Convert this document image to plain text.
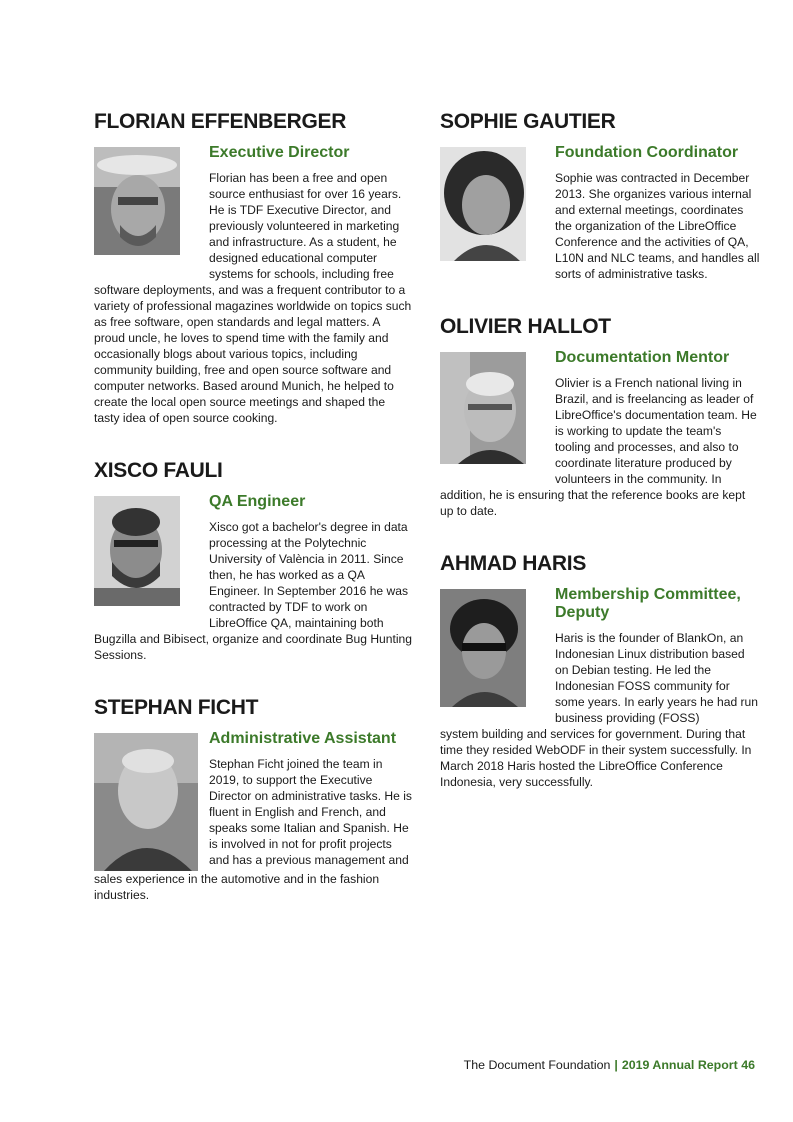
FLORIAN EFFENBERGER
Executive Director

Florian has been a free and open source enthusiast for over 16 years. He is TDF Executive Director, and previously volunteered in marketing and infrastructure. As a student, he designed educational computer systems for schools, including free

software deployments, and was a frequent contributor to a variety of professional magazines worldwide on topics such as free software, open standards and legal matters. A proud uncle, he loves to spend time with the family and occasionally blogs about various topics, including community building, free and open source software and computer networks. Based around Munich, he helped to create the local open source meetings and shaped the tasty idea of open source cooking.

XISCO FAULI
QA Engineer

Xisco got a bachelor's degree in data processing at the Polytechnic University of València in 2011. Since then, he has worked as a QA Engineer. In September 2016 he was contracted by TDF to work on LibreOffice QA, maintaining both

Bugzilla and Bibisect, organize and coordinate Bug Hunting Sessions.

STEPHAN FICHT
Administrative Assistant

Stephan Ficht joined the team in 2019, to support the Executive Director on administrative tasks. He is fluent in English and French, and speaks some Italian and Spanish. He is involved in not for profit projects and has a previous management and

sales experience in the automotive and in the fashion industries.

SOPHIE GAUTIER
Foundation Coordinator

Sophie was contracted in December 2013. She organizes various internal and external meetings, coordinates the organization of the LibreOffice Conference and the activities of QA, L10N and NLC teams, and handles all sorts of administrative tasks.

OLIVIER HALLOT
Documentation Mentor

Olivier is a French national living in Brazil, and is freelancing as leader of LibreOffice's documentation team. He is working to update the team's tooling and processes, and also to coordinate literature produced by volunteers in the community. In

addition, he is ensuring that the reference books are kept up to date.

AHMAD HARIS
Membership Committee, Deputy

Haris is the founder of BlankOn, an Indonesian Linux distribution based on Debian testing. He led the Indonesian FOSS community for some years. In early years he had run business providing (FOSS)

system building and services for government. During that time they resided WebODF in their system successfully. In March 2018 Haris hosted the LibreOffice Conference Indonesia, very successfully.

The Document Foundation | 2019 Annual Report 46
